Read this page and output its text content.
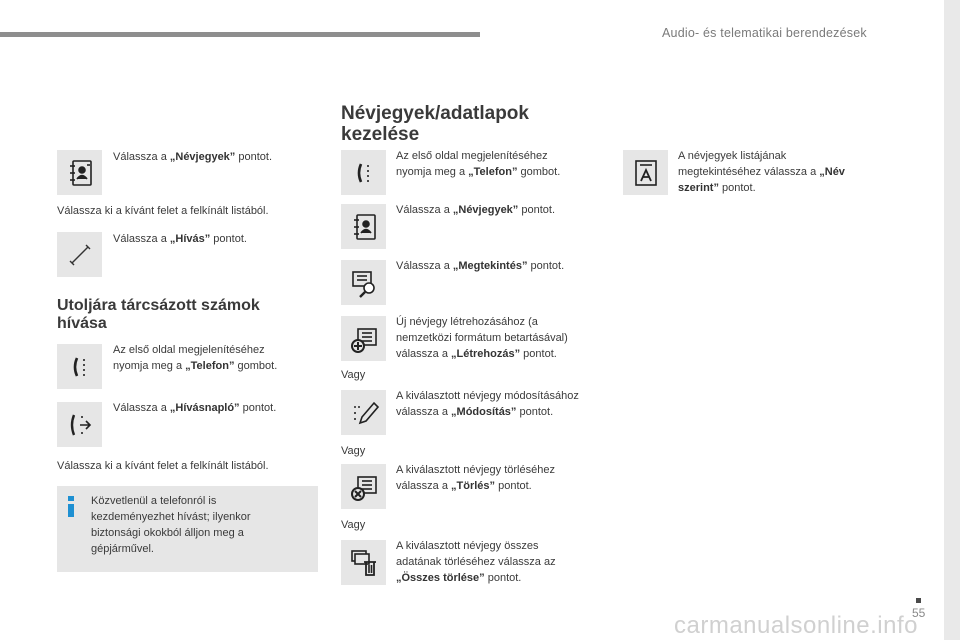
Audio- és telematikai berendezések
Válassza a „Névjegyek” pontot.
Válassza ki a kívánt felet a felkínált listából.
Válassza a „Hívás” pontot.
Utoljára tárcsázott számok
hívása
Az első oldal megjelenítéséhez
nyomja meg a „Telefon” gombot.
Válassza a „Hívásnapló” pontot.
Válassza ki a kívánt felet a felkínált listából.
Közvetlenül a telefonról is
kezdeményezhet hívást; ilyenkor
biztonsági okokból álljon meg a
gépjárművel.
Névjegyek/adatlapok
kezelése
Az első oldal megjelenítéséhez
nyomja meg a „Telefon” gombot.
Válassza a „Névjegyek” pontot.
Válassza a „Megtekintés” pontot.
Új névjegy létrehozásához (a
nemzetközi formátum betartásával)
válassza a „Létrehozás” pontot.
Vagy
A kiválasztott névjegy módosításához
válassza a „Módosítás” pontot.
Vagy
A kiválasztott névjegy törléséhez
válassza a „Törlés” pontot.
Vagy
A kiválasztott névjegy összes
adatának törléséhez válassza az
„Összes törlése” pontot.
A névjegyek listájának
megtekintéséhez válassza a „Név
szerint” pontot.
55
carmanualsonline.info
